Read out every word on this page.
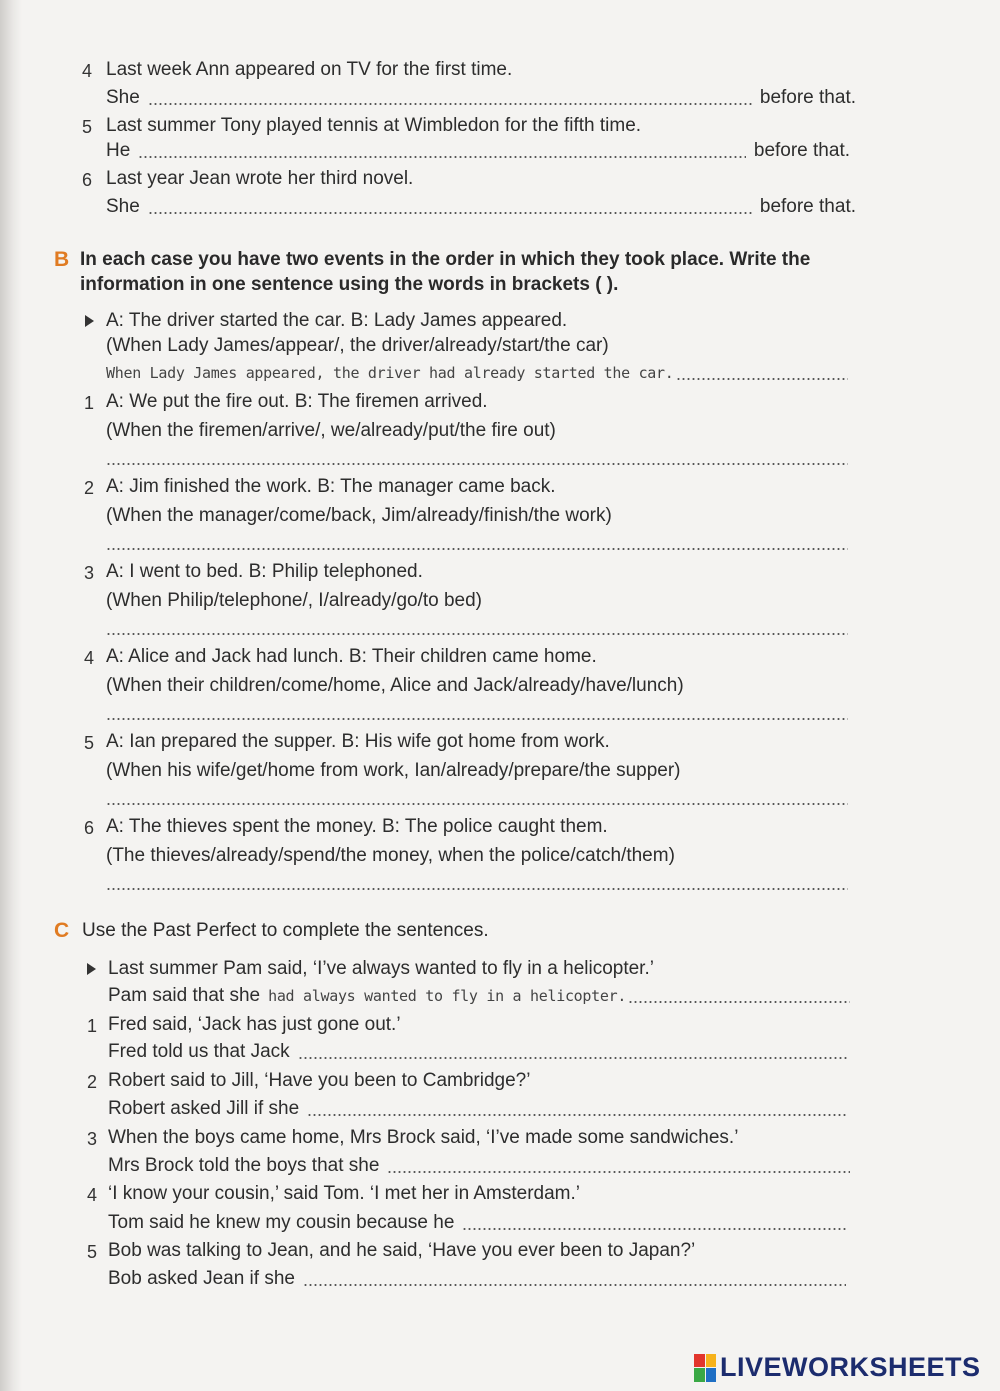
4 Last week Ann appeared on TV for the first time.
She	before that.
5 Last summer Tony played tennis at Wimbledon for the fifth time.
He	before that.
6 Last year Jean wrote her third novel.
She	before that.
B In each case you have two events in the order in which they took place. Write the
information in one sentence using the words in brackets ( ).
A: The driver started the car. B: Lady James appeared.
(When Lady James/appear/, the driver/already/start/the car)
When Lady James appeared, the driver had already started the car.
1 A: We put the fire out. B: The firemen arrived.
(When the firemen/arrive/, we/already/put/the fire out)
2 A: Jim finished the work. B: The manager came back.
(When the manager/come/back, Jim/already/finish/the work)
3 A: I went to bed. B: Philip telephoned.
(When Philip/telephone/, I/already/go/to bed)
4 A: Alice and Jack had lunch. B: Their children came home.
(When their children/come/home, Alice and Jack/already/have/lunch)
5 A: Ian prepared the supper. B: His wife got home from work.
(When his wife/get/home from work, Ian/already/prepare/the supper)
6 A: The thieves spent the money. B: The police caught them.
(The thieves/already/spend/the money, when the police/catch/them)
C Use the Past Perfect to complete the sentences.
Last summer Pam said, ‘I’ve always wanted to fly in a helicopter.’
Pam said that she had always wanted to fly in a helicopter.
1 Fred said, ‘Jack has just gone out.’
Fred told us that Jack
2 Robert said to Jill, ‘Have you been to Cambridge?’
Robert asked Jill if she
3 When the boys came home, Mrs Brock said, ‘I’ve made some sandwiches.’
Mrs Brock told the boys that she
4 ‘I know your cousin,’ said Tom. ‘I met her in Amsterdam.’
Tom said he knew my cousin because he
5 Bob was talking to Jean, and he said, ‘Have you ever been to Japan?’
Bob asked Jean if she
LIVEWORKSHEETS
